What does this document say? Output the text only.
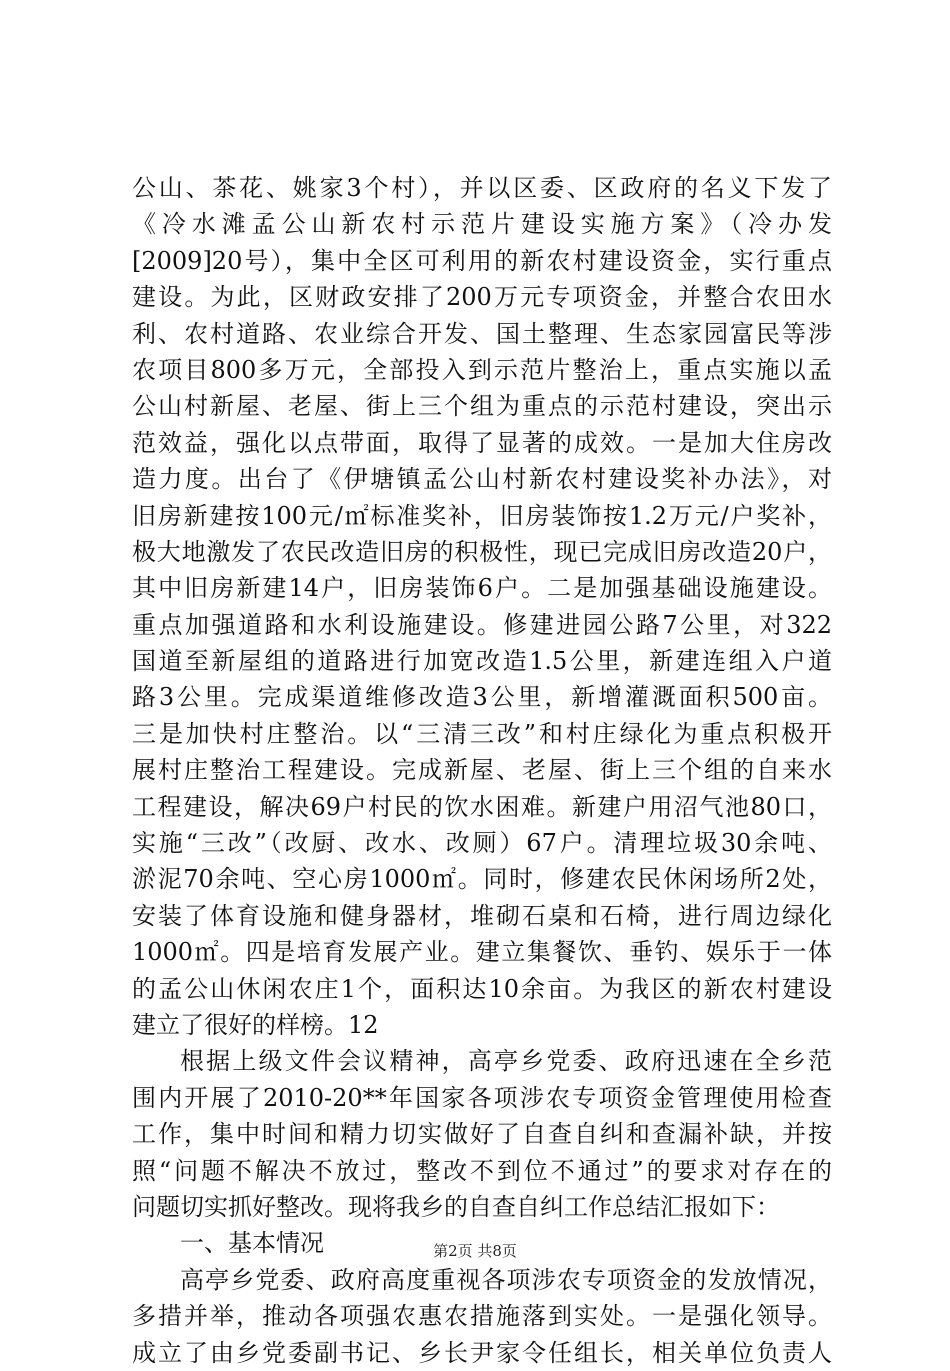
公山、茶花、姚家3个村），并以区委、区政府的名义下发了
《冷水滩孟公山新农村示范片建设实施方案》（冷办发
[2009]20号），集中全区可利用的新农村建设资金，实行重点
建设。为此，区财政安排了200万元专项资金，并整合农田水
利、农村道路、农业综合开发、国土整理、生态家园富民等涉
农项目800多万元，全部投入到示范片整治上，重点实施以孟
公山村新屋、老屋、街上三个组为重点的示范村建设，突出示
范效益，强化以点带面，取得了显著的成效。一是加大住房改
造力度。出台了《伊塘镇孟公山村新农村建设奖补办法》，对
旧房新建按100元/㎡标准奖补，旧房装饰按1.2万元/户奖补，
极大地激发了农民改造旧房的积极性，现已完成旧房改造20户，
其中旧房新建14户，旧房装饰6户。二是加强基础设施建设。
重点加强道路和水利设施建设。修建进园公路7公里，对322
国道至新屋组的道路进行加宽改造1.5公里，新建连组入户道
路3公里。完成渠道维修改造3公里，新增灌溉面积500亩。
三是加快村庄整治。以“三清三改”和村庄绿化为重点积极开
展村庄整治工程建设。完成新屋、老屋、街上三个组的自来水
工程建设，解决69户村民的饮水困难。新建户用沼气池80口，
实施“三改”（改厨、改水、改厕）67户。清理垃圾30余吨、
淤泥70余吨、空心房1000㎡。同时，修建农民休闲场所2处，
安装了体育设施和健身器材，堆砌石桌和石椅，进行周边绿化
1000㎡。四是培育发展产业。建立集餐饮、垂钓、娱乐于一体
的孟公山休闲农庄1个，面积达10余亩。为我区的新农村建设
建立了很好的样榜。12
根据上级文件会议精神，高亭乡党委、政府迅速在全乡范
围内开展了2010-20**年国家各项涉农专项资金管理使用检查
工作，集中时间和精力切实做好了自查自纠和查漏补缺，并按
照“问题不解决不放过，整改不到位不通过”的要求对存在的
问题切实抓好整改。现将我乡的自查自纠工作总结汇报如下：
一、基本情况
高亭乡党委、政府高度重视各项涉农专项资金的发放情况，
多措并举，推动各项强农惠农措施落到实处。一是强化领导。
成立了由乡党委副书记、乡长尹家令任组长，相关单位负责人
第2页 共8页
